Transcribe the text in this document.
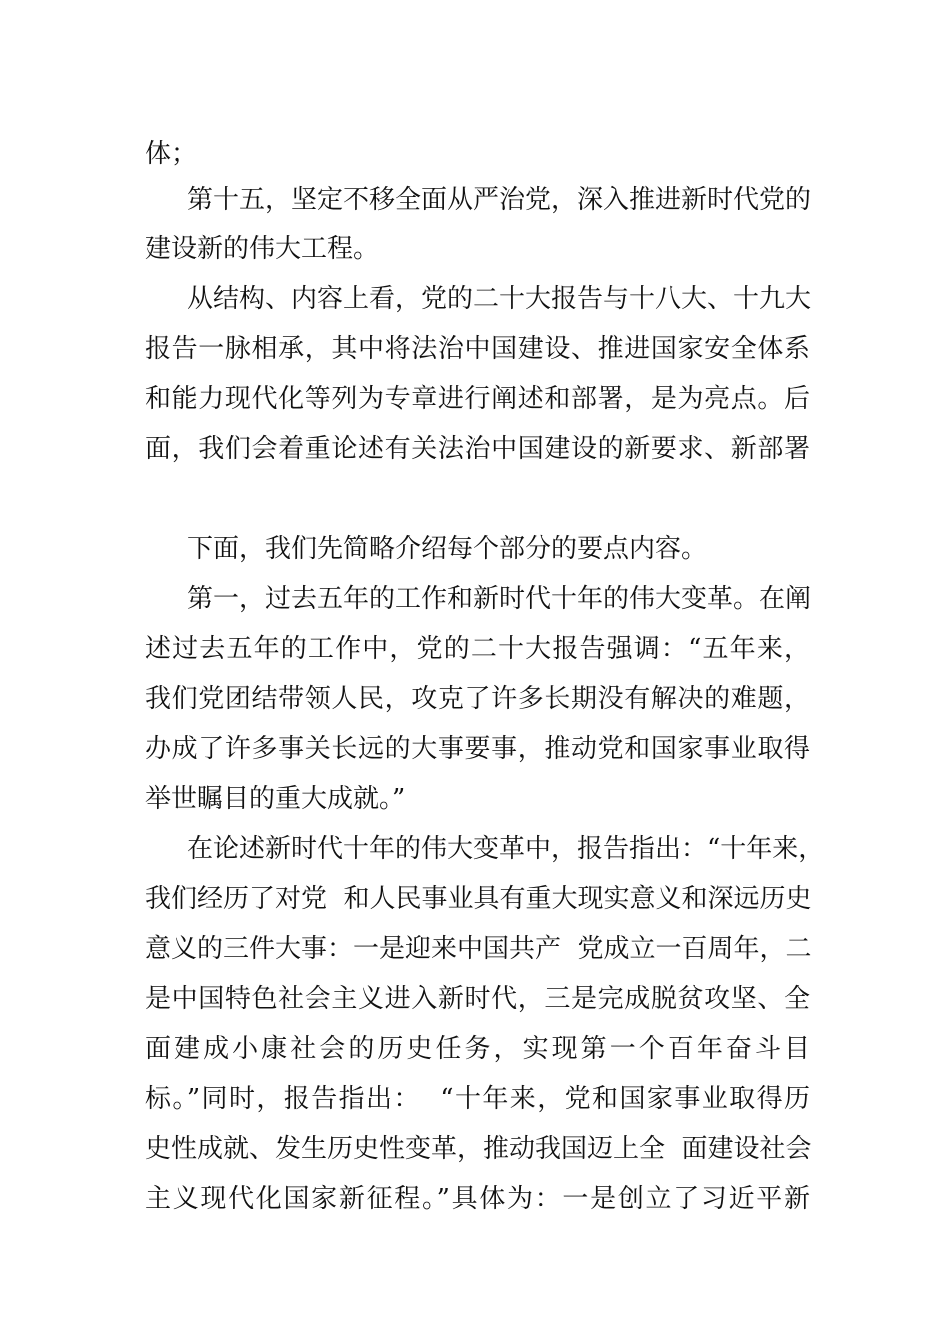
体；

第十五，坚定不移全面从严治党，深入推进新时代党的

建设新的伟大工程。

从结构、内容上看，党的二十大报告与十八大、十九大

报告一脉相承，其中将法治中国建设、推进国家安全体系

和能力现代化等列为专章进行阐述和部署，是为亮点。后

面，我们会着重论述有关法治中国建设的新要求、新部署

下面，我们先简略介绍每个部分的要点内容。

第一，过去五年的工作和新时代十年的伟大变革。在阐

述过去五年的工作中，党的二十大报告强调：“五年来，

我们党团结带领人民，攻克了许多长期没有解决的难题，

办成了许多事关长远的大事要事，推动党和国家事业取得

举世瞩目的重大成就。”

在论述新时代十年的伟大变革中，报告指出：“十年来，

我们经历了对党  和人民事业具有重大现实意义和深远历史

意义的三件大事：一是迎来中国共产  党成立一百周年，二

是中国特色社会主义进入新时代，三是完成脱贫攻坚、全

面建成小康社会的历史任务，实现第一个百年奋斗目

标。”同时，报告指出：  “十年来，党和国家事业取得历

史性成就、发生历史性变革，推动我国迈上全  面建设社会

主义现代化国家新征程。”具体为：一是创立了习近平新
